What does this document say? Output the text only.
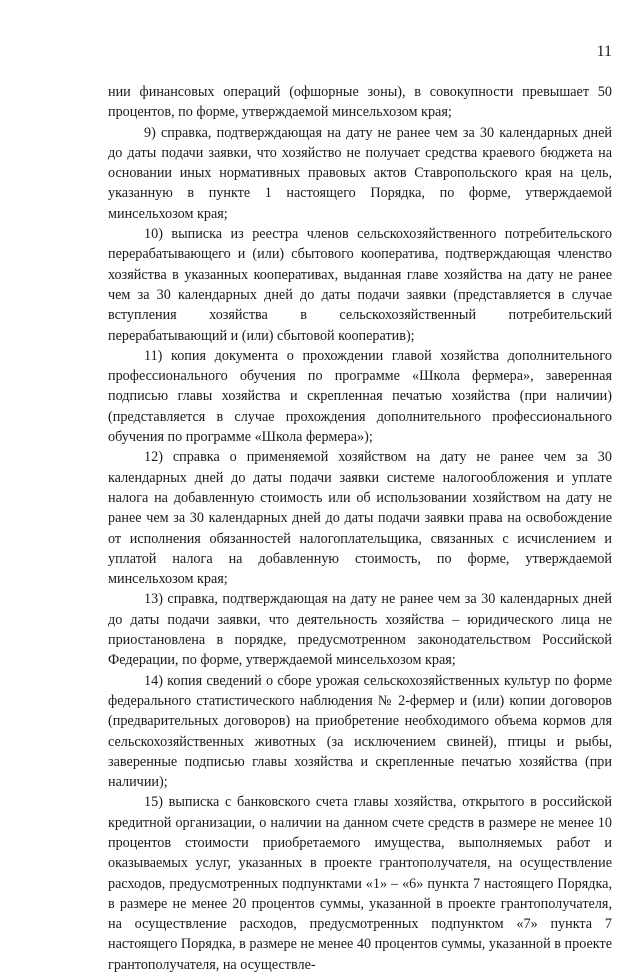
11

нии финансовых операций (офшорные зоны), в совокупности превышает 50 процентов, по форме, утверждаемой минсельхозом края;

9) справка, подтверждающая на дату не ранее чем за 30 календарных дней до даты подачи заявки, что хозяйство не получает средства краевого бюджета на основании иных нормативных правовых актов Ставропольского края на цель, указанную в пункте 1 настоящего Порядка, по форме, утверждаемой минсельхозом края;

10) выписка из реестра членов сельскохозяйственного потребительского перерабатывающего и (или) сбытового кооператива, подтверждающая членство хозяйства в указанных кооперативах, выданная главе хозяйства на дату не ранее чем за 30 календарных дней до даты подачи заявки (представляется в случае вступления хозяйства в сельскохозяйственный потребительский перерабатывающий и (или) сбытовой кооператив);

11) копия документа о прохождении главой хозяйства дополнительного профессионального обучения по программе «Школа фермера», заверенная подписью главы хозяйства и скрепленная печатью хозяйства (при наличии) (представляется в случае прохождения дополнительного профессионального обучения по программе «Школа фермера»);

12) справка о применяемой хозяйством на дату не ранее чем за 30 календарных дней до даты подачи заявки системе налогообложения и уплате налога на добавленную стоимость или об использовании хозяйством на дату не ранее чем за 30 календарных дней до даты подачи заявки права на освобождение от исполнения обязанностей налогоплательщика, связанных с исчислением и уплатой налога на добавленную стоимость, по форме, утверждаемой минсельхозом края;

13) справка, подтверждающая на дату не ранее чем за 30 календарных дней до даты подачи заявки, что деятельность хозяйства – юридического лица не приостановлена в порядке, предусмотренном законодательством Российской Федерации, по форме, утверждаемой минсельхозом края;

14) копия сведений о сборе урожая сельскохозяйственных культур по форме федерального статистического наблюдения № 2-фермер и (или) копии договоров (предварительных договоров) на приобретение необходимого объема кормов для сельскохозяйственных животных (за исключением свиней), птицы и рыбы, заверенные подписью главы хозяйства и скрепленные печатью хозяйства (при наличии);

15) выписка с банковского счета главы хозяйства, открытого в российской кредитной организации, о наличии на данном счете средств в размере не менее 10 процентов стоимости приобретаемого имущества, выполняемых работ и оказываемых услуг, указанных в проекте грантополучателя, на осуществление расходов, предусмотренных подпунктами «1» – «6» пункта 7 настоящего Порядка, в размере не менее 20 процентов суммы, указанной в проекте грантополучателя, на осуществление расходов, предусмотренных подпунктом «7» пункта 7 настоящего Порядка, в размере не менее 40 процентов суммы, указанной в проекте грантополучателя, на осуществле-
